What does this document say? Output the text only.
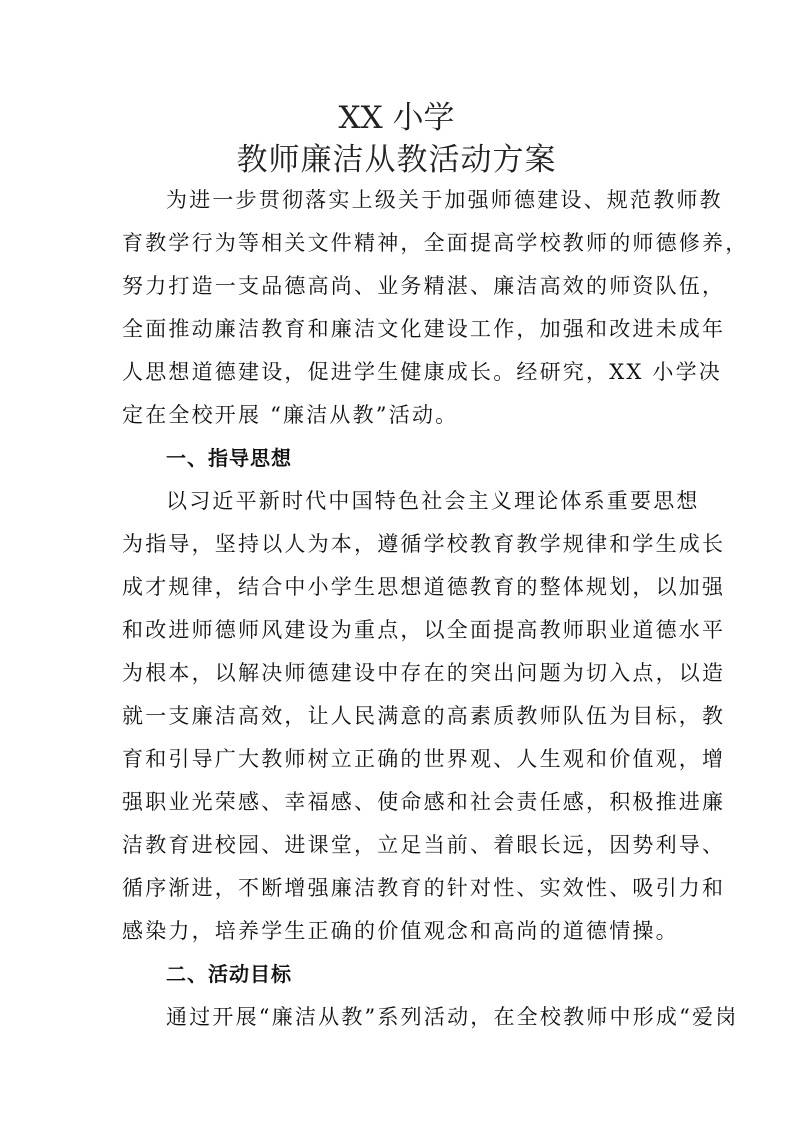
XX 小学
教师廉洁从教活动方案
为进一步贯彻落实上级关于加强师德建设、规范教师教
育教学行为等相关文件精神，全面提高学校教师的师德修养，
努力打造一支品德高尚、业务精湛、廉洁高效的师资队伍，
全面推动廉洁教育和廉洁文化建设工作，加强和改进未成年
人思想道德建设，促进学生健康成长。经研究，XX 小学决
定在全校开展 “廉洁从教”活动。
一、指导思想
以习近平新时代中国特色社会主义理论体系重要思想
为指导，坚持以人为本，遵循学校教育教学规律和学生成长
成才规律，结合中小学生思想道德教育的整体规划，以加强
和改进师德师风建设为重点，以全面提高教师职业道德水平
为根本，以解决师德建设中存在的突出问题为切入点，以造
就一支廉洁高效，让人民满意的高素质教师队伍为目标，教
育和引导广大教师树立正确的世界观、人生观和价值观，增
强职业光荣感、幸福感、使命感和社会责任感，积极推进廉
洁教育进校园、进课堂，立足当前、着眼长远，因势利导、
循序渐进，不断增强廉洁教育的针对性、实效性、吸引力和
感染力，培养学生正确的价值观念和高尚的道德情操。
二、活动目标
通过开展“廉洁从教”系列活动，在全校教师中形成“爱岗
